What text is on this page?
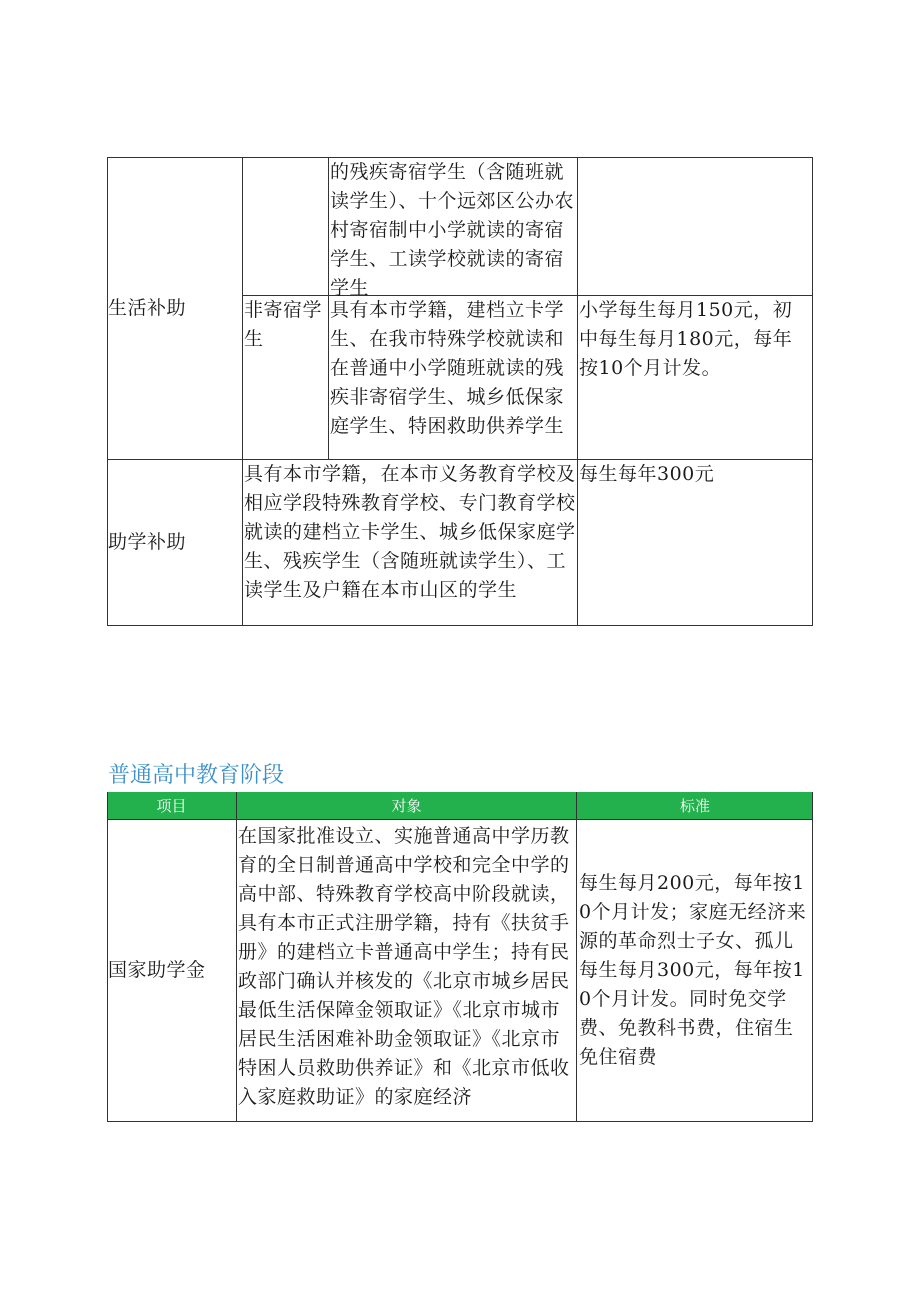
生活补助
的残疾寄宿学生（含随班就读学生）、十个远郊区公办农村寄宿制中小学就读的寄宿学生、工读学校就读的寄宿学生
非寄宿学生
具有本市学籍，建档立卡学生、在我市特殊学校就读和在普通中小学随班就读的残疾非寄宿学生、城乡低保家庭学生、特困救助供养学生
小学每生每月150元，初中每生每月180元，每年按10个月计发。
助学补助
具有本市学籍，在本市义务教育学校及相应学段特殊教育学校、专门教育学校就读的建档立卡学生、城乡低保家庭学生、残疾学生（含随班就读学生）、工读学生及户籍在本市山区的学生
每生每年300元
普通高中教育阶段
项目	对象	标准
国家助学金
在国家批准设立、实施普通高中学历教育的全日制普通高中学校和完全中学的高中部、特殊教育学校高中阶段就读，具有本市正式注册学籍，持有《扶贫手册》的建档立卡普通高中学生；持有民政部门确认并核发的《北京市城乡居民最低生活保障金领取证》《北京市城市居民生活困难补助金领取证》《北京市特困人员救助供养证》和《北京市低收入家庭救助证》的家庭经济
每生每月200元，每年按10个月计发；家庭无经济来源的革命烈士子女、孤儿每生每月300元，每年按10个月计发。同时免交学费、免教科书费，住宿生免住宿费
